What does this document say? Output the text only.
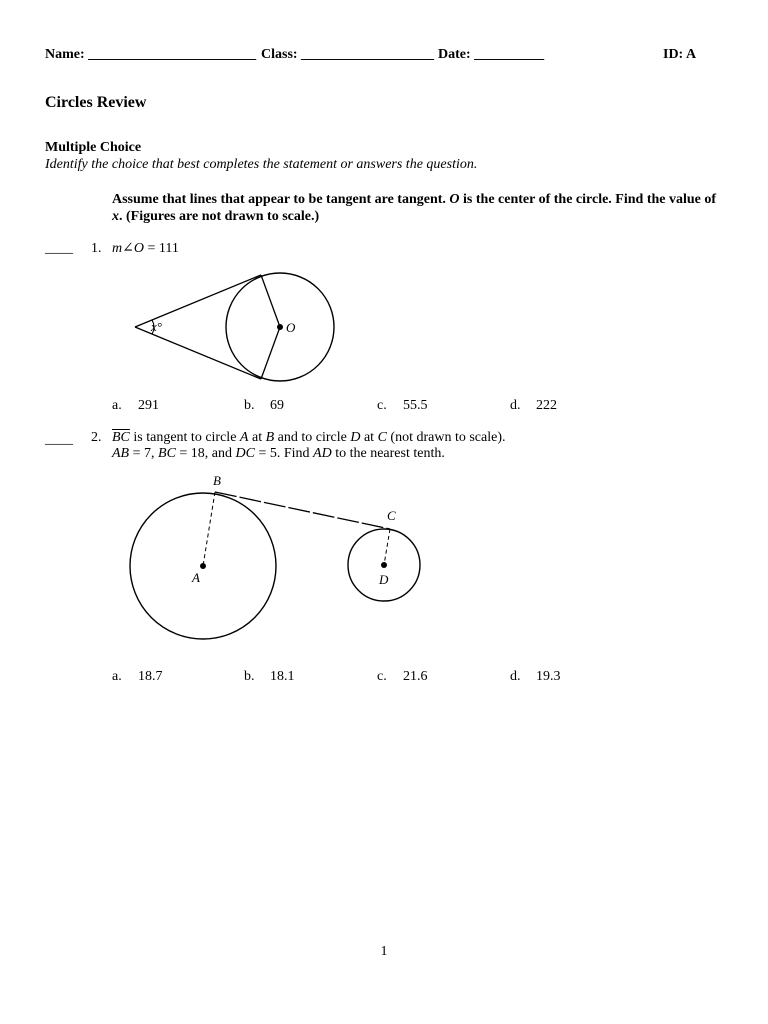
Name: ________________________ Class: ___________________ Date: __________	ID: A
Circles Review
Multiple Choice
Identify the choice that best completes the statement or answers the question.
Assume that lines that appear to be tangent are tangent. O is the center of the circle. Find the value of x. (Figures are not drawn to scale.)
____ 1. m∠O = 111
x°	O
a. 291	b. 69	c. 55.5	d. 222
____ 2. $\overline{BC}$ is tangent to circle A at B and to circle D at C (not drawn to scale).
AB = 7, BC = 18, and DC = 5. Find AD to the nearest tenth.
B
C
A	D
a. 18.7	b. 18.1	c. 21.6	d. 19.3
1
